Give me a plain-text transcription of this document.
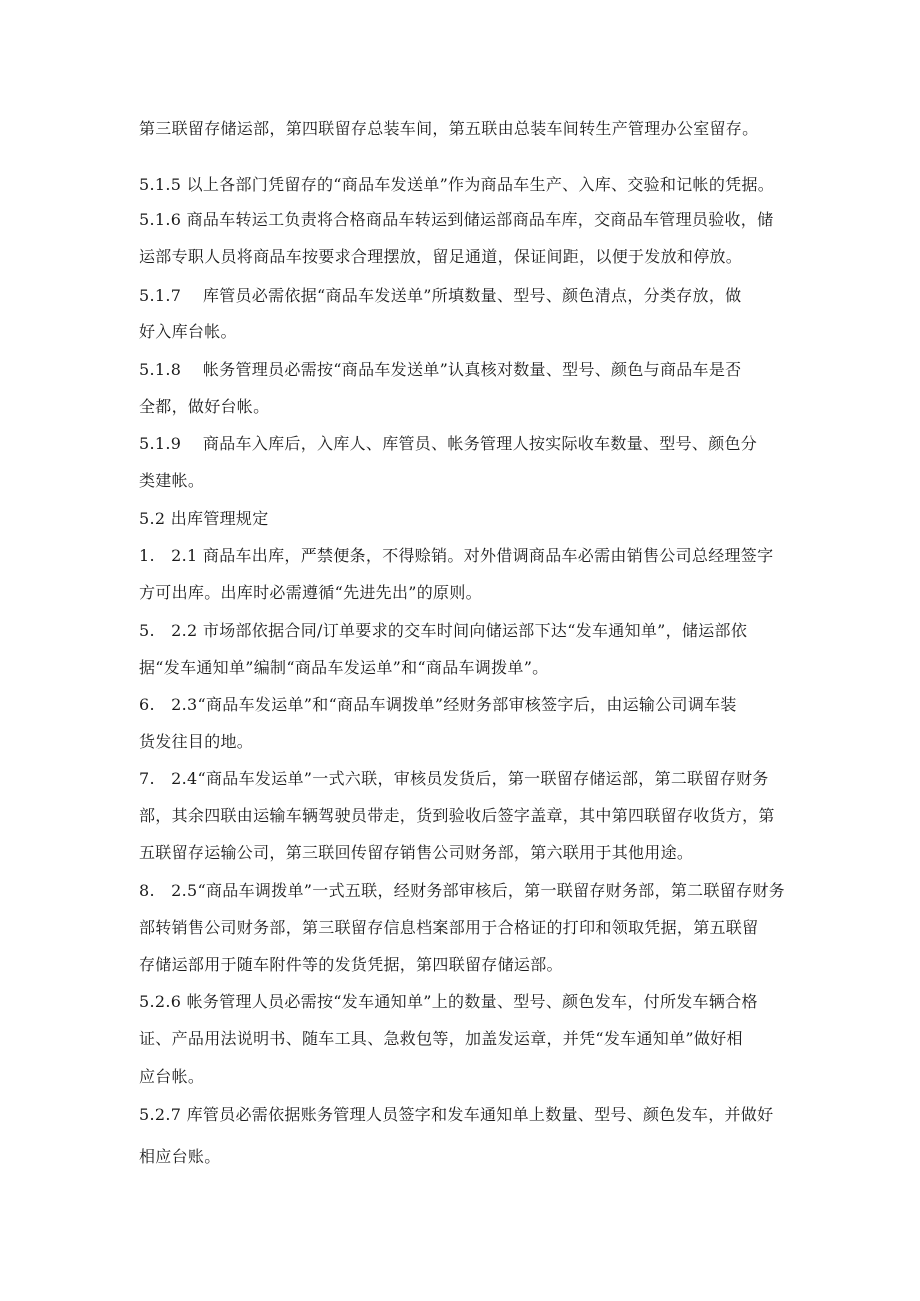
第三联留存储运部，第四联留存总装车间，第五联由总装车间转生产管理办公室留存。
5.1.5 以上各部门凭留存的“商品车发送单”作为商品车生产、入库、交验和记帐的凭据。
5.1.6 商品车转运工负责将合格商品车转运到储运部商品车库，交商品车管理员验收，储
运部专职人员将商品车按要求合理摆放，留足通道，保证间距，以便于发放和停放。
5.1.7　 库管员必需依据“商品车发送单”所填数量、型号、颜色清点，分类存放，做
好入库台帐。
5.1.8　 帐务管理员必需按“商品车发送单”认真核对数量、型号、颜色与商品车是否
全都，做好台帐。
5.1.9　 商品车入库后，入库人、库管员、帐务管理人按实际收车数量、型号、颜色分
类建帐。
5.2 出库管理规定
1.　2.1 商品车出库，严禁便条，不得赊销。对外借调商品车必需由销售公司总经理签字
方可出库。出库时必需遵循“先进先出”的原则。
5.　2.2 市场部依据合同/订单要求的交车时间向储运部下达“发车通知单”，储运部依
据“发车通知单”编制“商品车发运单”和“商品车调拨单”。
6.　2.3“商品车发运单”和“商品车调拨单”经财务部审核签字后，由运输公司调车装
货发往目的地。
7.　2.4“商品车发运单”一式六联，审核员发货后，第一联留存储运部，第二联留存财务
部，其余四联由运输车辆驾驶员带走，货到验收后签字盖章，其中第四联留存收货方，第
五联留存运输公司，第三联回传留存销售公司财务部，第六联用于其他用途。
8.　2.5“商品车调拨单”一式五联，经财务部审核后，第一联留存财务部，第二联留存财务
部转销售公司财务部，第三联留存信息档案部用于合格证的打印和领取凭据，第五联留
存储运部用于随车附件等的发货凭据，第四联留存储运部。
5.2.6 帐务管理人员必需按“发车通知单”上的数量、型号、颜色发车，付所发车辆合格
证、产品用法说明书、随车工具、急救包等，加盖发运章，并凭“发车通知单”做好相
应台帐。
5.2.7 库管员必需依据账务管理人员签字和发车通知单上数量、型号、颜色发车，并做好
相应台账。
